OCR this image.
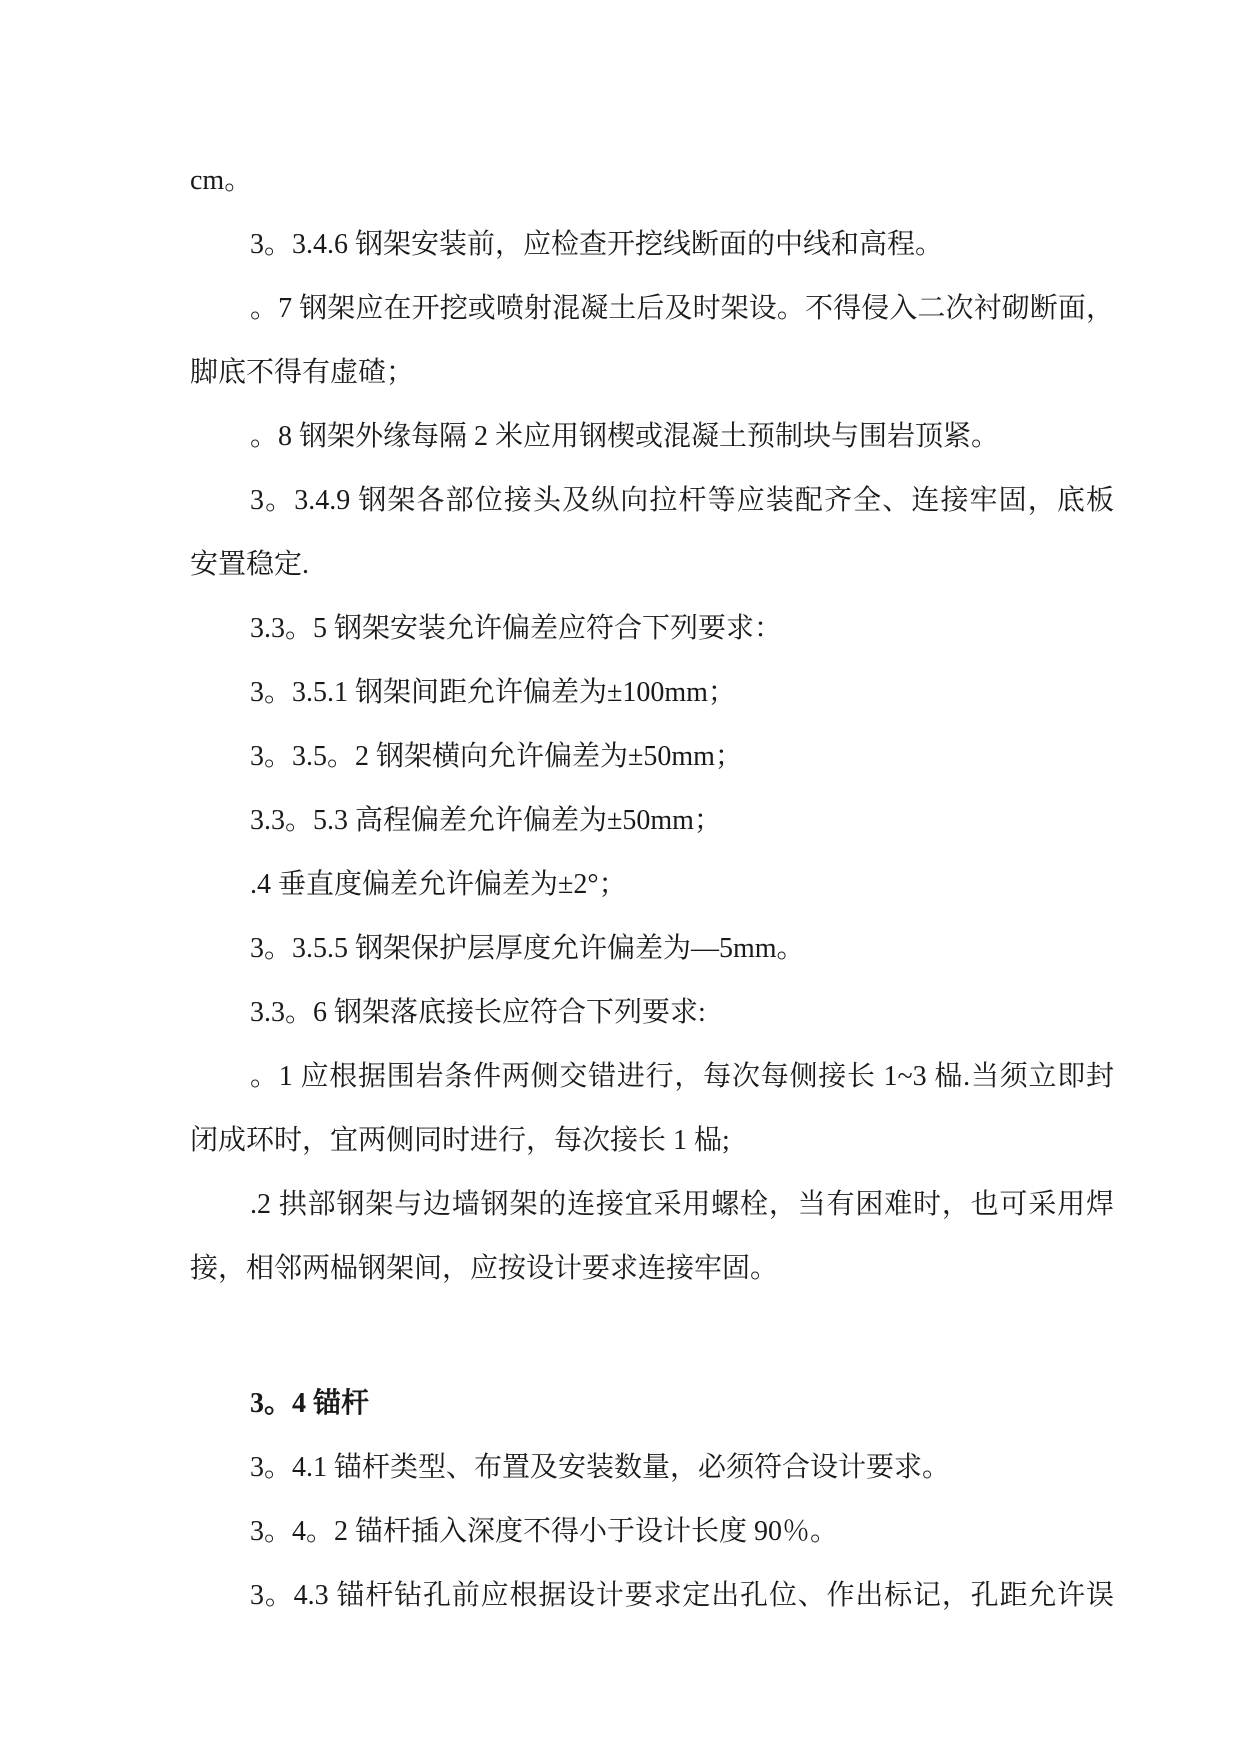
cm。
3。3.4.6 钢架安装前，应检查开挖线断面的中线和高程。
。7 钢架应在开挖或喷射混凝土后及时架设。不得侵入二次衬砌断面，
脚底不得有虚碴；
。8 钢架外缘每隔 2 米应用钢楔或混凝土预制块与围岩顶紧。
3。3.4.9 钢架各部位接头及纵向拉杆等应装配齐全、连接牢固，底板
安置稳定.
3.3。5 钢架安装允许偏差应符合下列要求：
3。3.5.1 钢架间距允许偏差为±100mm；
3。3.5。2 钢架横向允许偏差为±50mm；
3.3。5.3 高程偏差允许偏差为±50mm；
.4 垂直度偏差允许偏差为±2°；
3。3.5.5 钢架保护层厚度允许偏差为—5mm。
3.3。6 钢架落底接长应符合下列要求:
。1 应根据围岩条件两侧交错进行，每次每侧接长 1~3 榀.当须立即封
闭成环时，宜两侧同时进行，每次接长 1 榀;
.2 拱部钢架与边墙钢架的连接宜采用螺栓，当有困难时，也可采用焊
接，相邻两榀钢架间，应按设计要求连接牢固。
3。4 锚杆
3。4.1 锚杆类型、布置及安装数量，必须符合设计要求。
3。4。2 锚杆插入深度不得小于设计长度 90％。
3。4.3 锚杆钻孔前应根据设计要求定出孔位、作出标记，孔距允许误
